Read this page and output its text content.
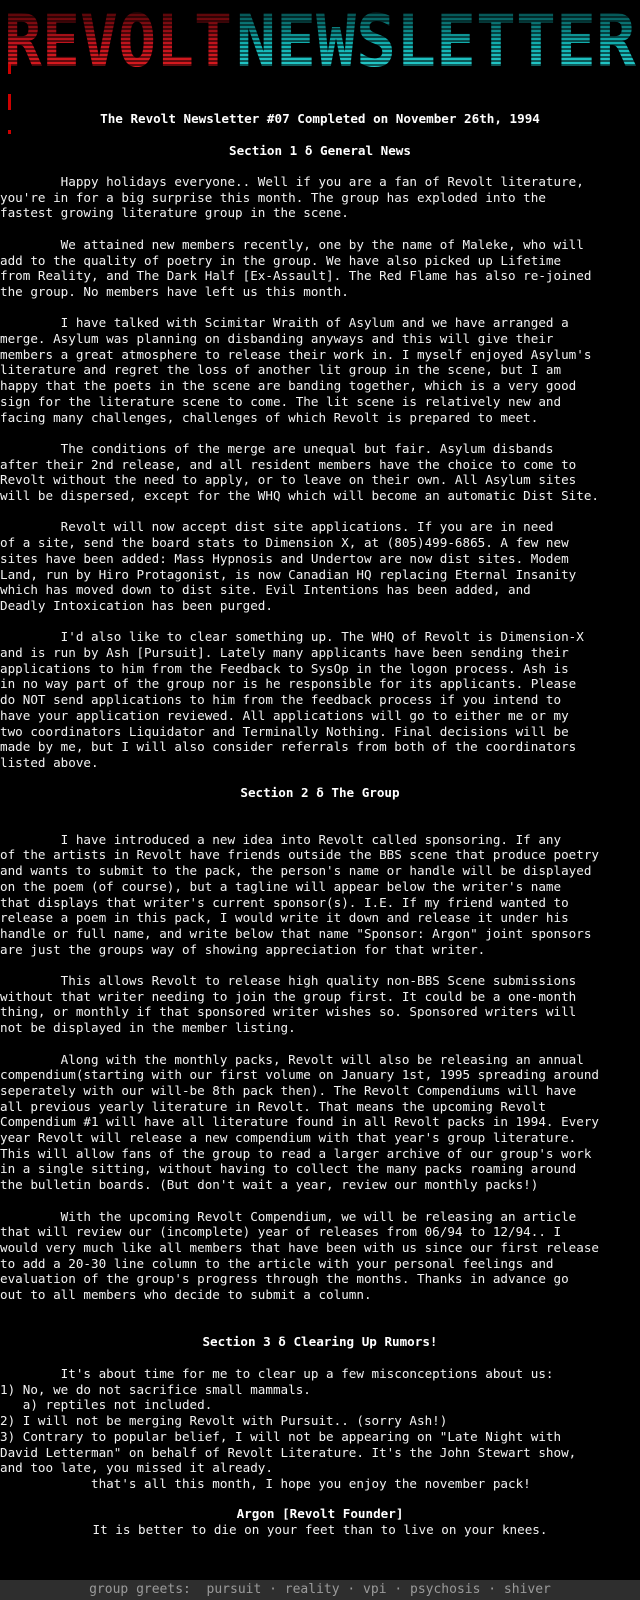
The Revolt Newsletter #07 Completed on November 26th, 1994
Section 1 δ General News
Happy holidays everyone.. Well if you are a fan of Revolt literature,
you're in for a big surprise this month. The group has exploded into the
fastest growing literature group in the scene.
We attained new members recently, one by the name of Maleke, who will
add to the quality of poetry in the group. We have also picked up Lifetime
from Reality, and The Dark Half [Ex-Assault]. The Red Flame has also re-joined
the group. No members have left us this month.
I have talked with Scimitar Wraith of Asylum and we have arranged a
merge. Asylum was planning on disbanding anyways and this will give their
members a great atmosphere to release their work in. I myself enjoyed Asylum's
literature and regret the loss of another lit group in the scene, but I am
happy that the poets in the scene are banding together, which is a very good
sign for the literature scene to come. The lit scene is relatively new and
facing many challenges, challenges of which Revolt is prepared to meet.
The conditions of the merge are unequal but fair. Asylum disbands
after their 2nd release, and all resident members have the choice to come to
Revolt without the need to apply, or to leave on their own. All Asylum sites
will be dispersed, except for the WHQ which will become an automatic Dist Site.
Revolt will now accept dist site applications. If you are in need
of a site, send the board stats to Dimension X, at (805)499-6865. A few new
sites have been added: Mass Hypnosis and Undertow are now dist sites. Modem
Land, run by Hiro Protagonist, is now Canadian HQ replacing Eternal Insanity
which has moved down to dist site. Evil Intentions has been added, and
Deadly Intoxication has been purged.
I'd also like to clear something up. The WHQ of Revolt is Dimension-X
and is run by Ash [Pursuit]. Lately many applicants have been sending their
applications to him from the Feedback to SysOp in the logon process. Ash is
in no way part of the group nor is he responsible for its applicants. Please
do NOT send applications to him from the feedback process if you intend to
have your application reviewed. All applications will go to either me or my
two coordinators Liquidator and Terminally Nothing. Final decisions will be
made by me, but I will also consider referrals from both of the coordinators
listed above.
Section 2 δ The Group
I have introduced a new idea into Revolt called sponsoring. If any
of the artists in Revolt have friends outside the BBS scene that produce poetry
and wants to submit to the pack, the person's name or handle will be displayed
on the poem (of course), but a tagline will appear below the writer's name
that displays that writer's current sponsor(s). I.E. If my friend wanted to
release a poem in this pack, I would write it down and release it under his
handle or full name, and write below that name "Sponsor: Argon" joint sponsors
are just the groups way of showing appreciation for that writer.
This allows Revolt to release high quality non-BBS Scene submissions
without that writer needing to join the group first. It could be a one-month
thing, or monthly if that sponsored writer wishes so. Sponsored writers will
not be displayed in the member listing.
Along with the monthly packs, Revolt will also be releasing an annual
compendium(starting with our first volume on January 1st, 1995 spreading around
seperately with our will-be 8th pack then). The Revolt Compendiums will have
all previous yearly literature in Revolt. That means the upcoming Revolt
Compendium #1 will have all literature found in all Revolt packs in 1994. Every
year Revolt will release a new compendium with that year's group literature.
This will allow fans of the group to read a larger archive of our group's work
in a single sitting, without having to collect the many packs roaming around
the bulletin boards. (But don't wait a year, review our monthly packs!)
With the upcoming Revolt Compendium, we will be releasing an article
that will review our (incomplete) year of releases from 06/94 to 12/94.. I
would very much like all members that have been with us since our first release
to add a 20-30 line column to the article with your personal feelings and
evaluation of the group's progress through the months. Thanks in advance go
out to all members who decide to submit a column.
Section 3 δ Clearing Up Rumors!
It's about time for me to clear up a few misconceptions about us:
1) No, we do not sacrifice small mammals.
a) reptiles not included.
2) I will not be merging Revolt with Pursuit.. (sorry Ash!)
3) Contrary to popular belief, I will not be appearing on "Late Night with
David Letterman" on behalf of Revolt Literature. It's the John Stewart show,
and too late, you missed it already.
that's all this month, I hope you enjoy the november pack!
Argon [Revolt Founder]
It is better to die on your feet than to live on your knees.
group greets:  pursuit · reality · vpi · psychosis · shiver
